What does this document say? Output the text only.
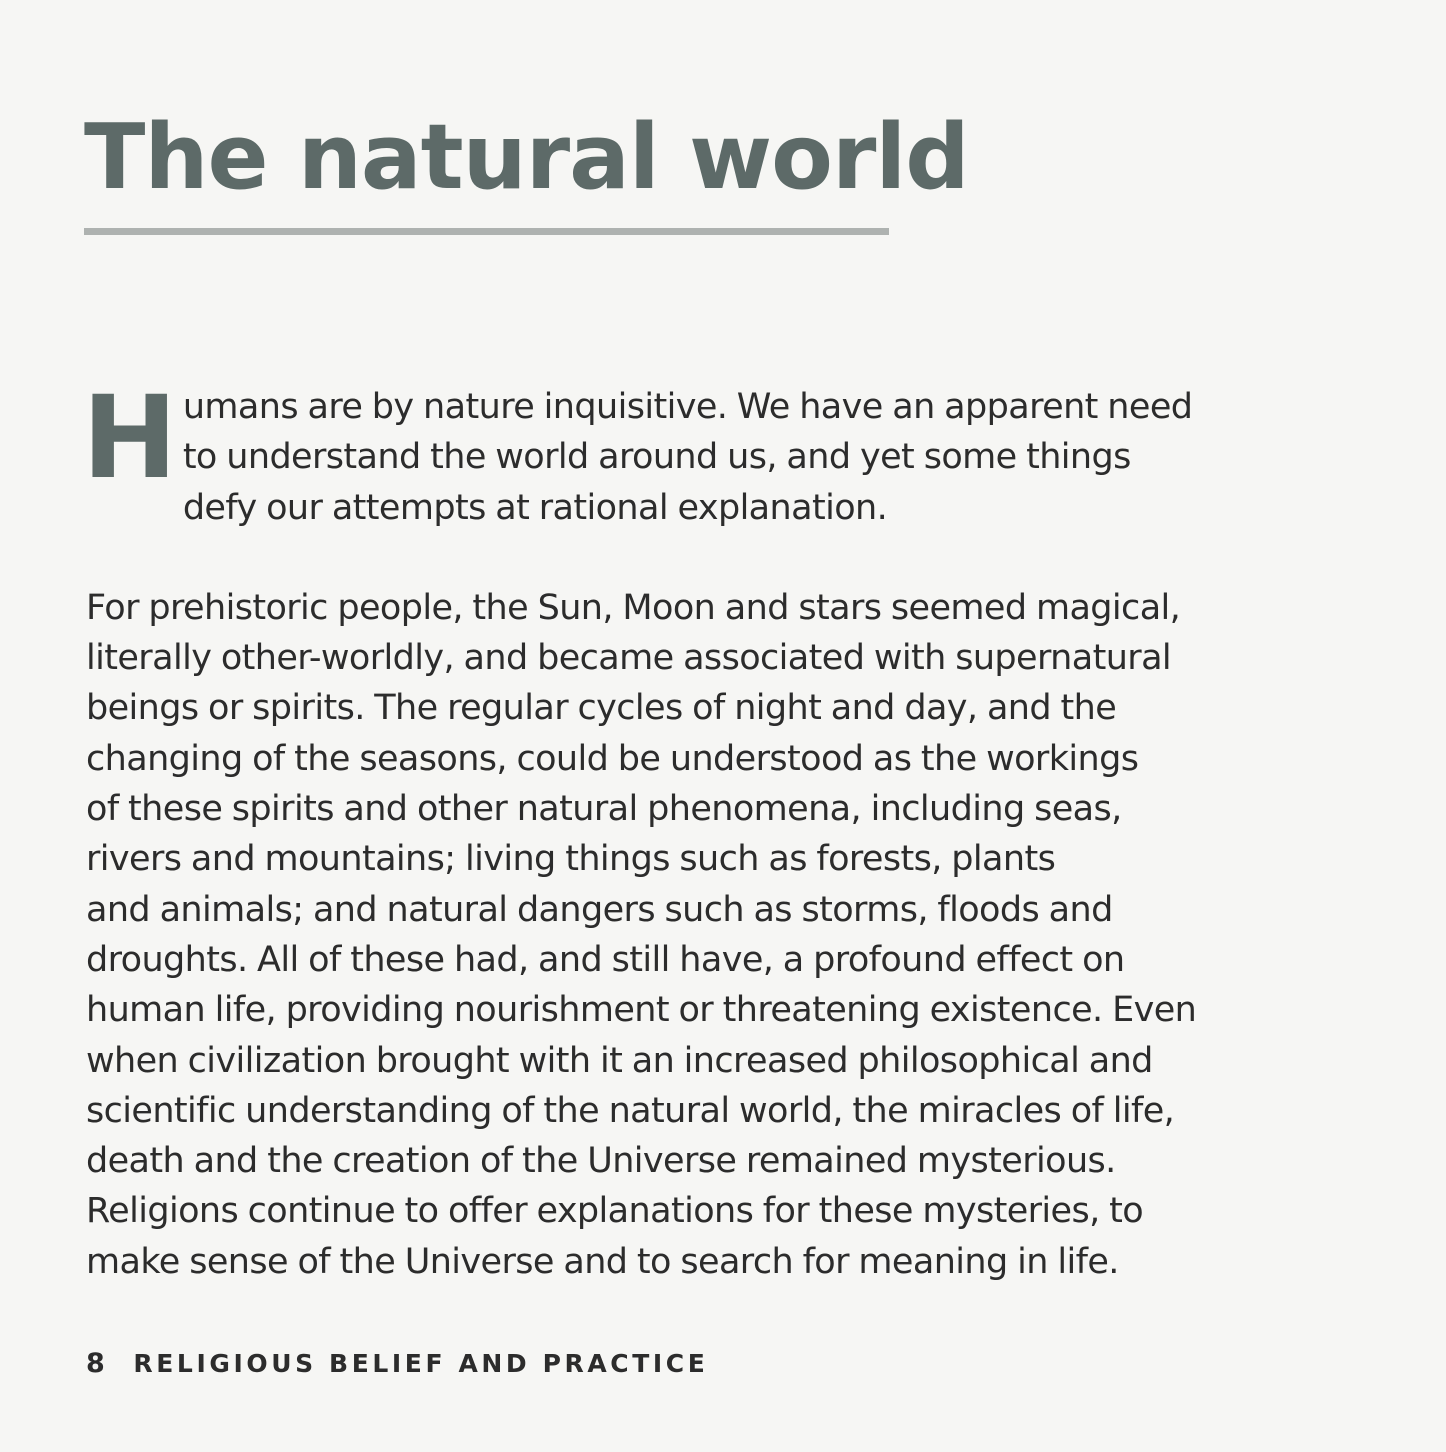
The natural world

H umans are by nature inquisitive. We have an apparent need
to understand the world around us, and yet some things
defy our attempts at rational explanation.

For prehistoric people, the Sun, Moon and stars seemed magical,
literally other-worldly, and became associated with supernatural
beings or spirits. The regular cycles of night and day, and the
changing of the seasons, could be understood as the workings
of these spirits and other natural phenomena, including seas,
rivers and mountains; living things such as forests, plants
and animals; and natural dangers such as storms, floods and
droughts. All of these had, and still have, a profound effect on
human life, providing nourishment or threatening existence. Even
when civilization brought with it an increased philosophical and
scientific understanding of the natural world, the miracles of life,
death and the creation of the Universe remained mysterious.
Religions continue to offer explanations for these mysteries, to
make sense of the Universe and to search for meaning in life.

8 RELIGIOUS BELIEF AND PRACTICE
